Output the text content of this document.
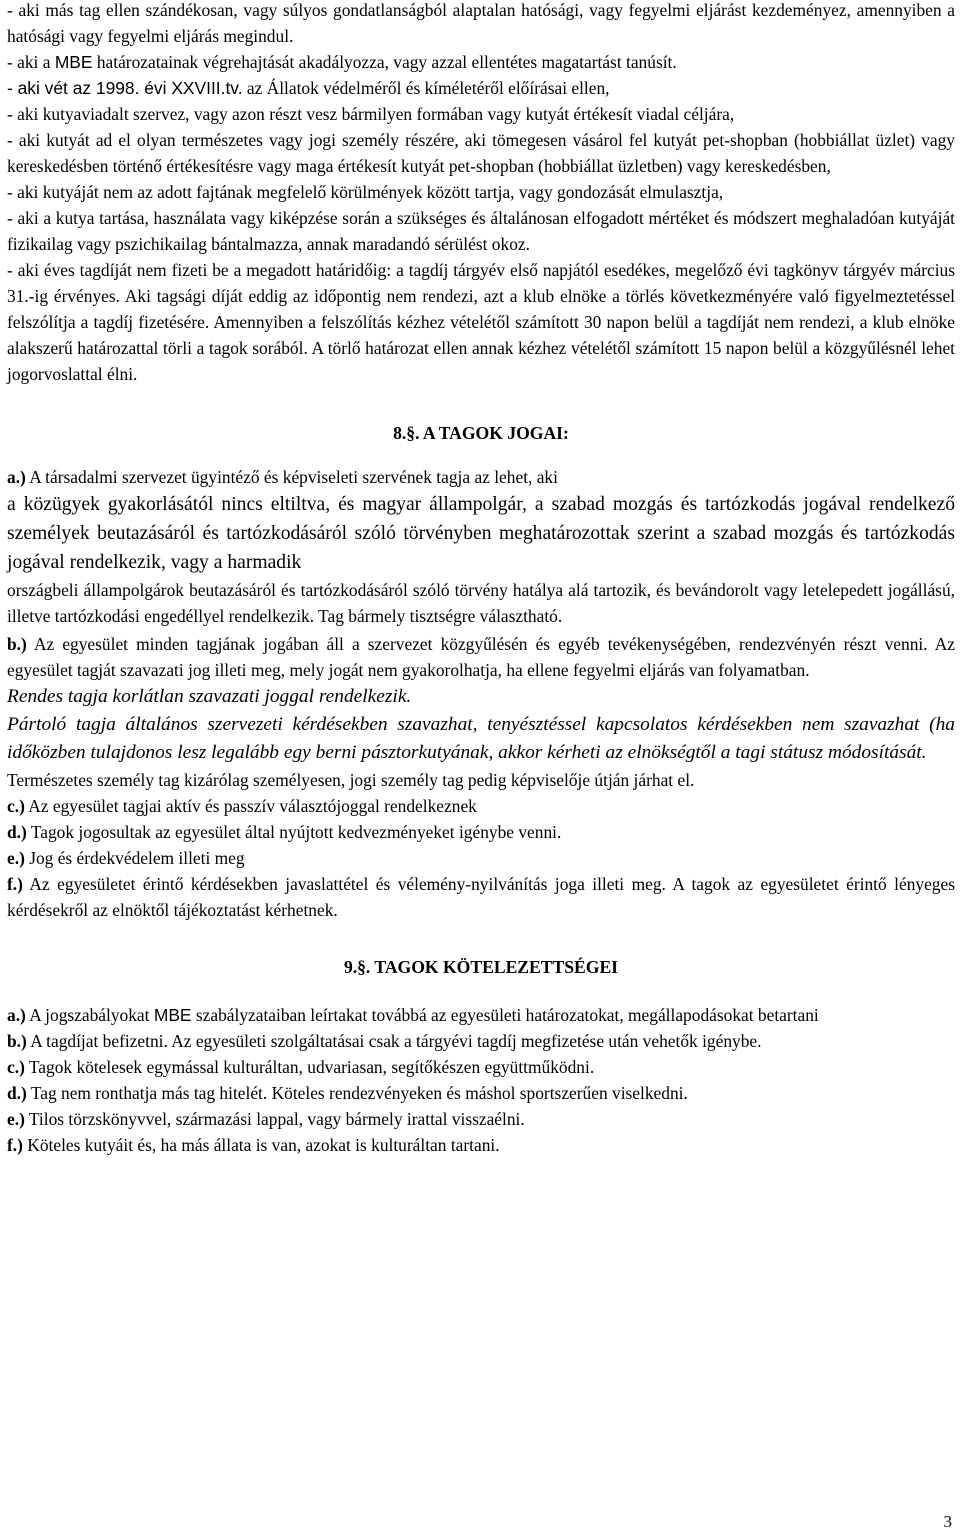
- aki más tag ellen szándékosan, vagy súlyos gondatlanságból alaptalan hatósági, vagy fegyelmi eljárást kezdeményez, amennyiben a hatósági vagy fegyelmi eljárás megindul.

- aki a MBE határozatainak végrehajtását akadályozza, vagy azzal ellentétes magatartást tanúsít.

- aki vét az 1998. évi XXVIII.tv. az Állatok védelméről és kíméletéről előírásai ellen,

- aki kutyaviadalt szervez, vagy azon részt vesz bármilyen formában vagy kutyát értékesít viadal céljára,

- aki kutyát ad el olyan természetes vagy jogi személy részére, aki tömegesen vásárol fel kutyát pet-shopban (hobbiállat üzlet) vagy kereskedésben történő értékesítésre vagy maga értékesít kutyát pet-shopban (hobbiállat üzletben) vagy kereskedésben,

- aki kutyáját nem az adott fajtának megfelelő körülmények között tartja, vagy gondozását elmulasztja,

- aki a kutya tartása, használata vagy kiképzése során a szükséges és általánosan elfogadott mértéket és módszert meghaladóan kutyáját fizikailag vagy pszichikailag bántalmazza, annak maradandó sérülést okoz.

- aki éves tagdíját nem fizeti be a megadott határidőig: a tagdíj tárgyév első napjától esedékes, megelőző évi tagkönyv tárgyév március 31.-ig érvényes. Aki tagsági díját eddig az időpontig nem rendezi, azt a klub elnöke a törlés következményére való figyelmeztetéssel felszólítja a tagdíj fizetésére. Amennyiben a felszólítás kézhez vételétől számított 30 napon belül a tagdíját nem rendezi, a klub elnöke alakszerű határozattal törli a tagok sorából. A törlő határozat ellen annak kézhez vételétől számított 15 napon belül a közgyűlésnél lehet jogorvoslattal élni.

8.§. A TAGOK JOGAI:

a.) A társadalmi szervezet ügyintéző és képviseleti szervének tagja az lehet, aki

a közügyek gyakorlásától nincs eltiltva, és magyar állampolgár, a szabad mozgás és tartózkodás jogával rendelkező személyek beutazásáról és tartózkodásáról szóló törvényben meghatározottak szerint a szabad mozgás és tartózkodás jogával rendelkezik, vagy a harmadik

országbeli állampolgárok beutazásáról és tartózkodásáról szóló törvény hatálya alá tartozik, és bevándorolt vagy letelepedett jogállású, illetve tartózkodási engedéllyel rendelkezik. Tag bármely tisztségre választható.

b.) Az egyesület minden tagjának jogában áll a szervezet közgyűlésén és egyéb tevékenységében, rendezvényén részt venni. Az egyesület tagját szavazati jog illeti meg, mely jogát nem gyakorolhatja, ha ellene fegyelmi eljárás van folyamatban.

Rendes tagja korlátlan szavazati joggal rendelkezik.

Pártoló tagja általános szervezeti kérdésekben szavazhat, tenyésztéssel kapcsolatos kérdésekben nem szavazhat (ha időközben tulajdonos lesz legalább egy berni pásztorkutyának, akkor kérheti az elnökségtől a tagi státusz módosítását.

Természetes személy tag kizárólag személyesen, jogi személy tag pedig képviselője útján járhat el.

c.) Az egyesület tagjai aktív és passzív választójoggal rendelkeznek

d.) Tagok jogosultak az egyesület által nyújtott kedvezményeket igénybe venni.

e.) Jog és érdekvédelem illeti meg

f.) Az egyesületet érintő kérdésekben javaslattétel és vélemény-nyilvánítás joga illeti meg. A tagok az egyesületet érintő lényeges kérdésekről az elnöktől tájékoztatást kérhetnek.

9.§. TAGOK KÖTELEZETTSÉGEI

a.) A jogszabályokat MBE szabályzataiban leírtakat továbbá az egyesületi határozatokat, megállapodásokat betartani

b.) A tagdíjat befizetni. Az egyesületi szolgáltatásai csak a tárgyévi tagdíj megfizetése után vehetők igénybe.

c.) Tagok kötelesek egymással kulturáltan, udvariasan, segítőkészen együttműködni.

d.) Tag nem ronthatja más tag hitelét. Köteles rendezvényeken és máshol sportszerűen viselkedni.

e.) Tilos törzskönyvvel, származási lappal, vagy bármely irattal visszaélni.

f.) Köteles kutyáit és, ha más állata is van, azokat is kulturáltan tartani.

3
